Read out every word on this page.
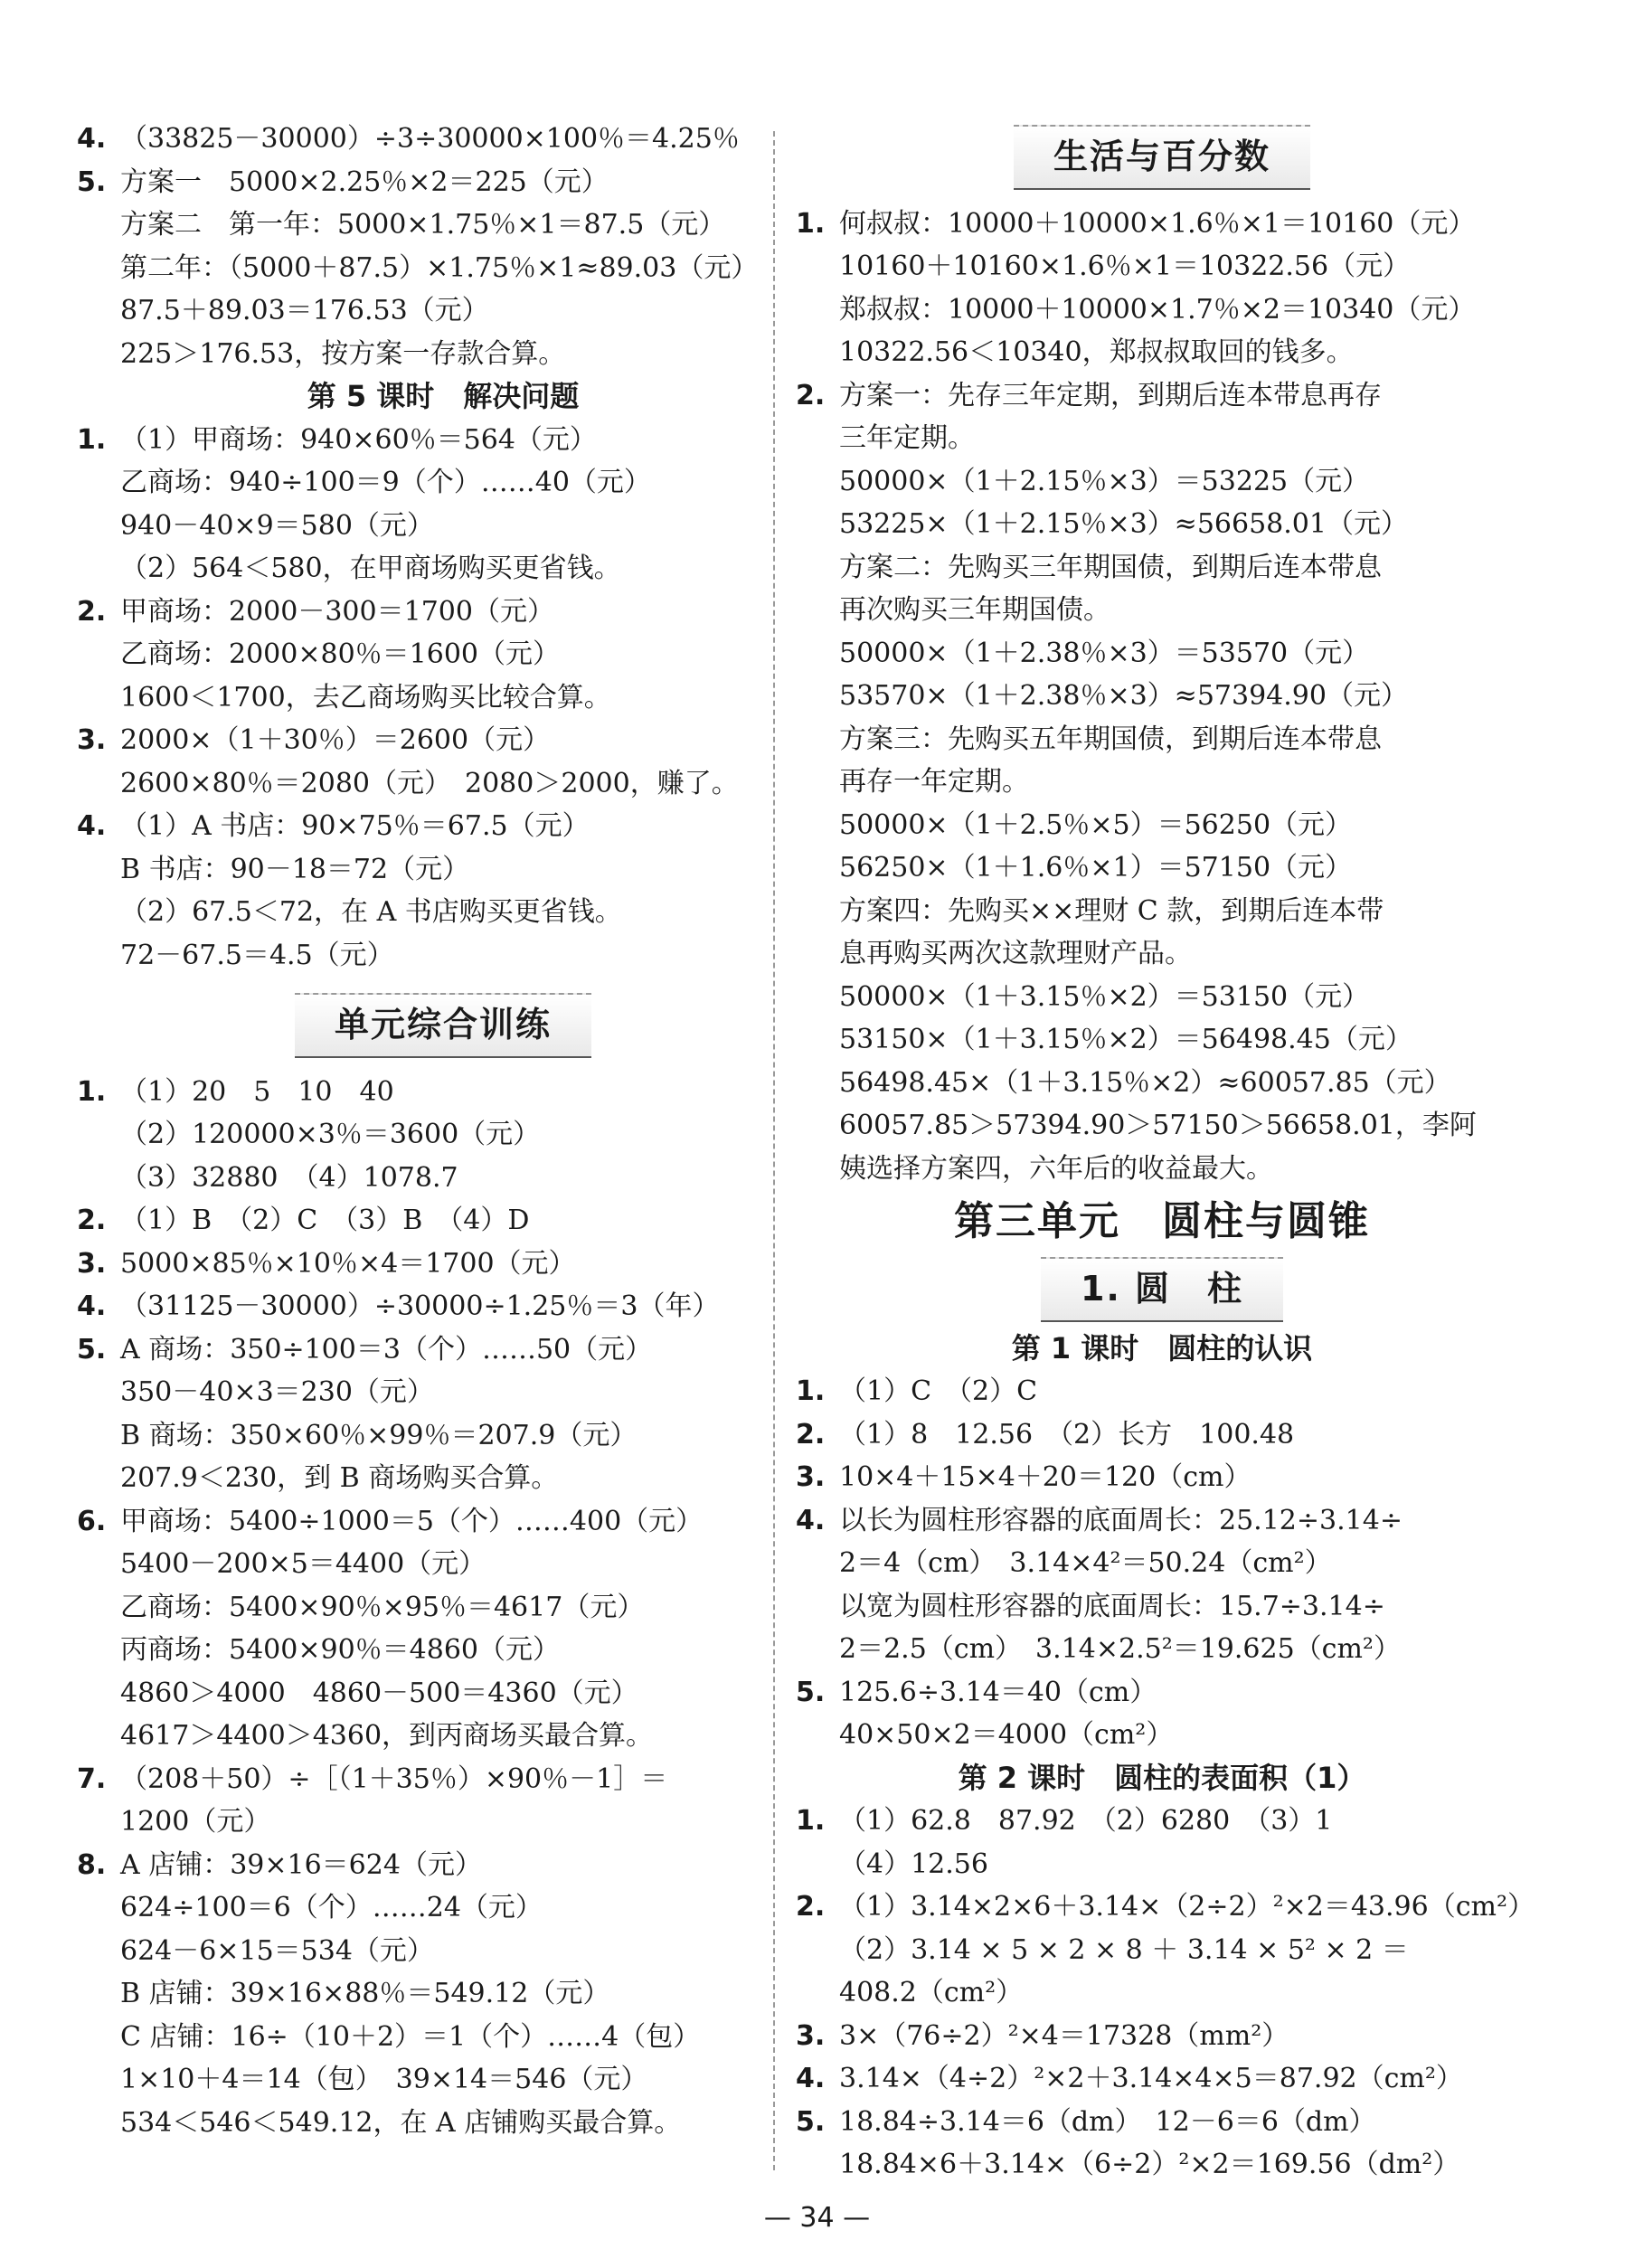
4. （33825－30000）÷3÷30000×100％＝4.25％
5. 方案一　5000×2.25％×2＝225（元）
方案二　第一年：5000×1.75％×1＝87.5（元）
第二年：（5000＋87.5）×1.75％×1≈89.03（元）
87.5＋89.03＝176.53（元）
225＞176.53，按方案一存款合算。
第 5 课时　解决问题
1. （1）甲商场：940×60％＝564（元）
乙商场：940÷100＝9（个）……40（元）
940－40×9＝580（元）
（2）564＜580，在甲商场购买更省钱。
2. 甲商场：2000－300＝1700（元）
乙商场：2000×80％＝1600（元）
1600＜1700，去乙商场购买比较合算。
3. 2000×（1＋30％）＝2600（元）
2600×80％＝2080（元）　2080＞2000，赚了。
4. （1）A 书店：90×75％＝67.5（元）
B 书店：90－18＝72（元）
（2）67.5＜72，在 A 书店购买更省钱。
72－67.5＝4.5（元）
单元综合训练
1. （1）20　5　10　40
（2）120000×3％＝3600（元）
（3）32880　（4）1078.7
2. （1）B　（2）C　（3）B　（4）D
3. 5000×85％×10％×4＝1700（元）
4. （31125－30000）÷30000÷1.25％＝3（年）
5. A 商场：350÷100＝3（个）……50（元）
350－40×3＝230（元）
B 商场：350×60％×99％＝207.9（元）
207.9＜230，到 B 商场购买合算。
6. 甲商场：5400÷1000＝5（个）……400（元）
5400－200×5＝4400（元）
乙商场：5400×90％×95％＝4617（元）
丙商场：5400×90％＝4860（元）
4860＞4000　4860－500＝4360（元）
4617＞4400＞4360，到丙商场买最合算。
7. （208＋50）÷［（1＋35％）×90％－1］＝
1200（元）
8. A 店铺：39×16＝624（元）
624÷100＝6（个）……24（元）
624－6×15＝534（元）
B 店铺：39×16×88％＝549.12（元）
C 店铺：16÷（10＋2）＝1（个）……4（包）
1×10＋4＝14（包）　39×14＝546（元）
534＜546＜549.12，在 A 店铺购买最合算。
生活与百分数
1. 何叔叔：10000＋10000×1.6％×1＝10160（元）
10160＋10160×1.6％×1＝10322.56（元）
郑叔叔：10000＋10000×1.7％×2＝10340（元）
10322.56＜10340，郑叔叔取回的钱多。
2. 方案一：先存三年定期，到期后连本带息再存
三年定期。
50000×（1＋2.15％×3）＝53225（元）
53225×（1＋2.15％×3）≈56658.01（元）
方案二：先购买三年期国债，到期后连本带息
再次购买三年期国债。
50000×（1＋2.38％×3）＝53570（元）
53570×（1＋2.38％×3）≈57394.90（元）
方案三：先购买五年期国债，到期后连本带息
再存一年定期。
50000×（1＋2.5％×5）＝56250（元）
56250×（1＋1.6％×1）＝57150（元）
方案四：先购买××理财 C 款，到期后连本带
息再购买两次这款理财产品。
50000×（1＋3.15％×2）＝53150（元）
53150×（1＋3.15％×2）＝56498.45（元）
56498.45×（1＋3.15％×2）≈60057.85（元）
60057.85＞57394.90＞57150＞56658.01，李阿
姨选择方案四，六年后的收益最大。
第三单元　圆柱与圆锥
1. 圆　柱
第 1 课时　圆柱的认识
1. （1）C　（2）C
2. （1）8　12.56　（2）长方　100.48
3. 10×4＋15×4＋20＝120（cm）
4. 以长为圆柱形容器的底面周长：25.12÷3.14÷
2＝4（cm）　3.14×4²＝50.24（cm²）
以宽为圆柱形容器的底面周长：15.7÷3.14÷
2＝2.5（cm）　3.14×2.5²＝19.625（cm²）
5. 125.6÷3.14＝40（cm）
40×50×2＝4000（cm²）
第 2 课时　圆柱的表面积（1）
1. （1）62.8　87.92　（2）6280　（3）1
（4）12.56
2. （1）3.14×2×6＋3.14×（2÷2）²×2＝43.96（cm²）
（2）3.14 × 5 × 2 × 8 ＋ 3.14 × 5² × 2 ＝
408.2（cm²）
3. 3×（76÷2）²×4＝17328（mm²）
4. 3.14×（4÷2）²×2＋3.14×4×5＝87.92（cm²）
5. 18.84÷3.14＝6（dm）　12－6＝6（dm）
18.84×6＋3.14×（6÷2）²×2＝169.56（dm²）
— 34 —
